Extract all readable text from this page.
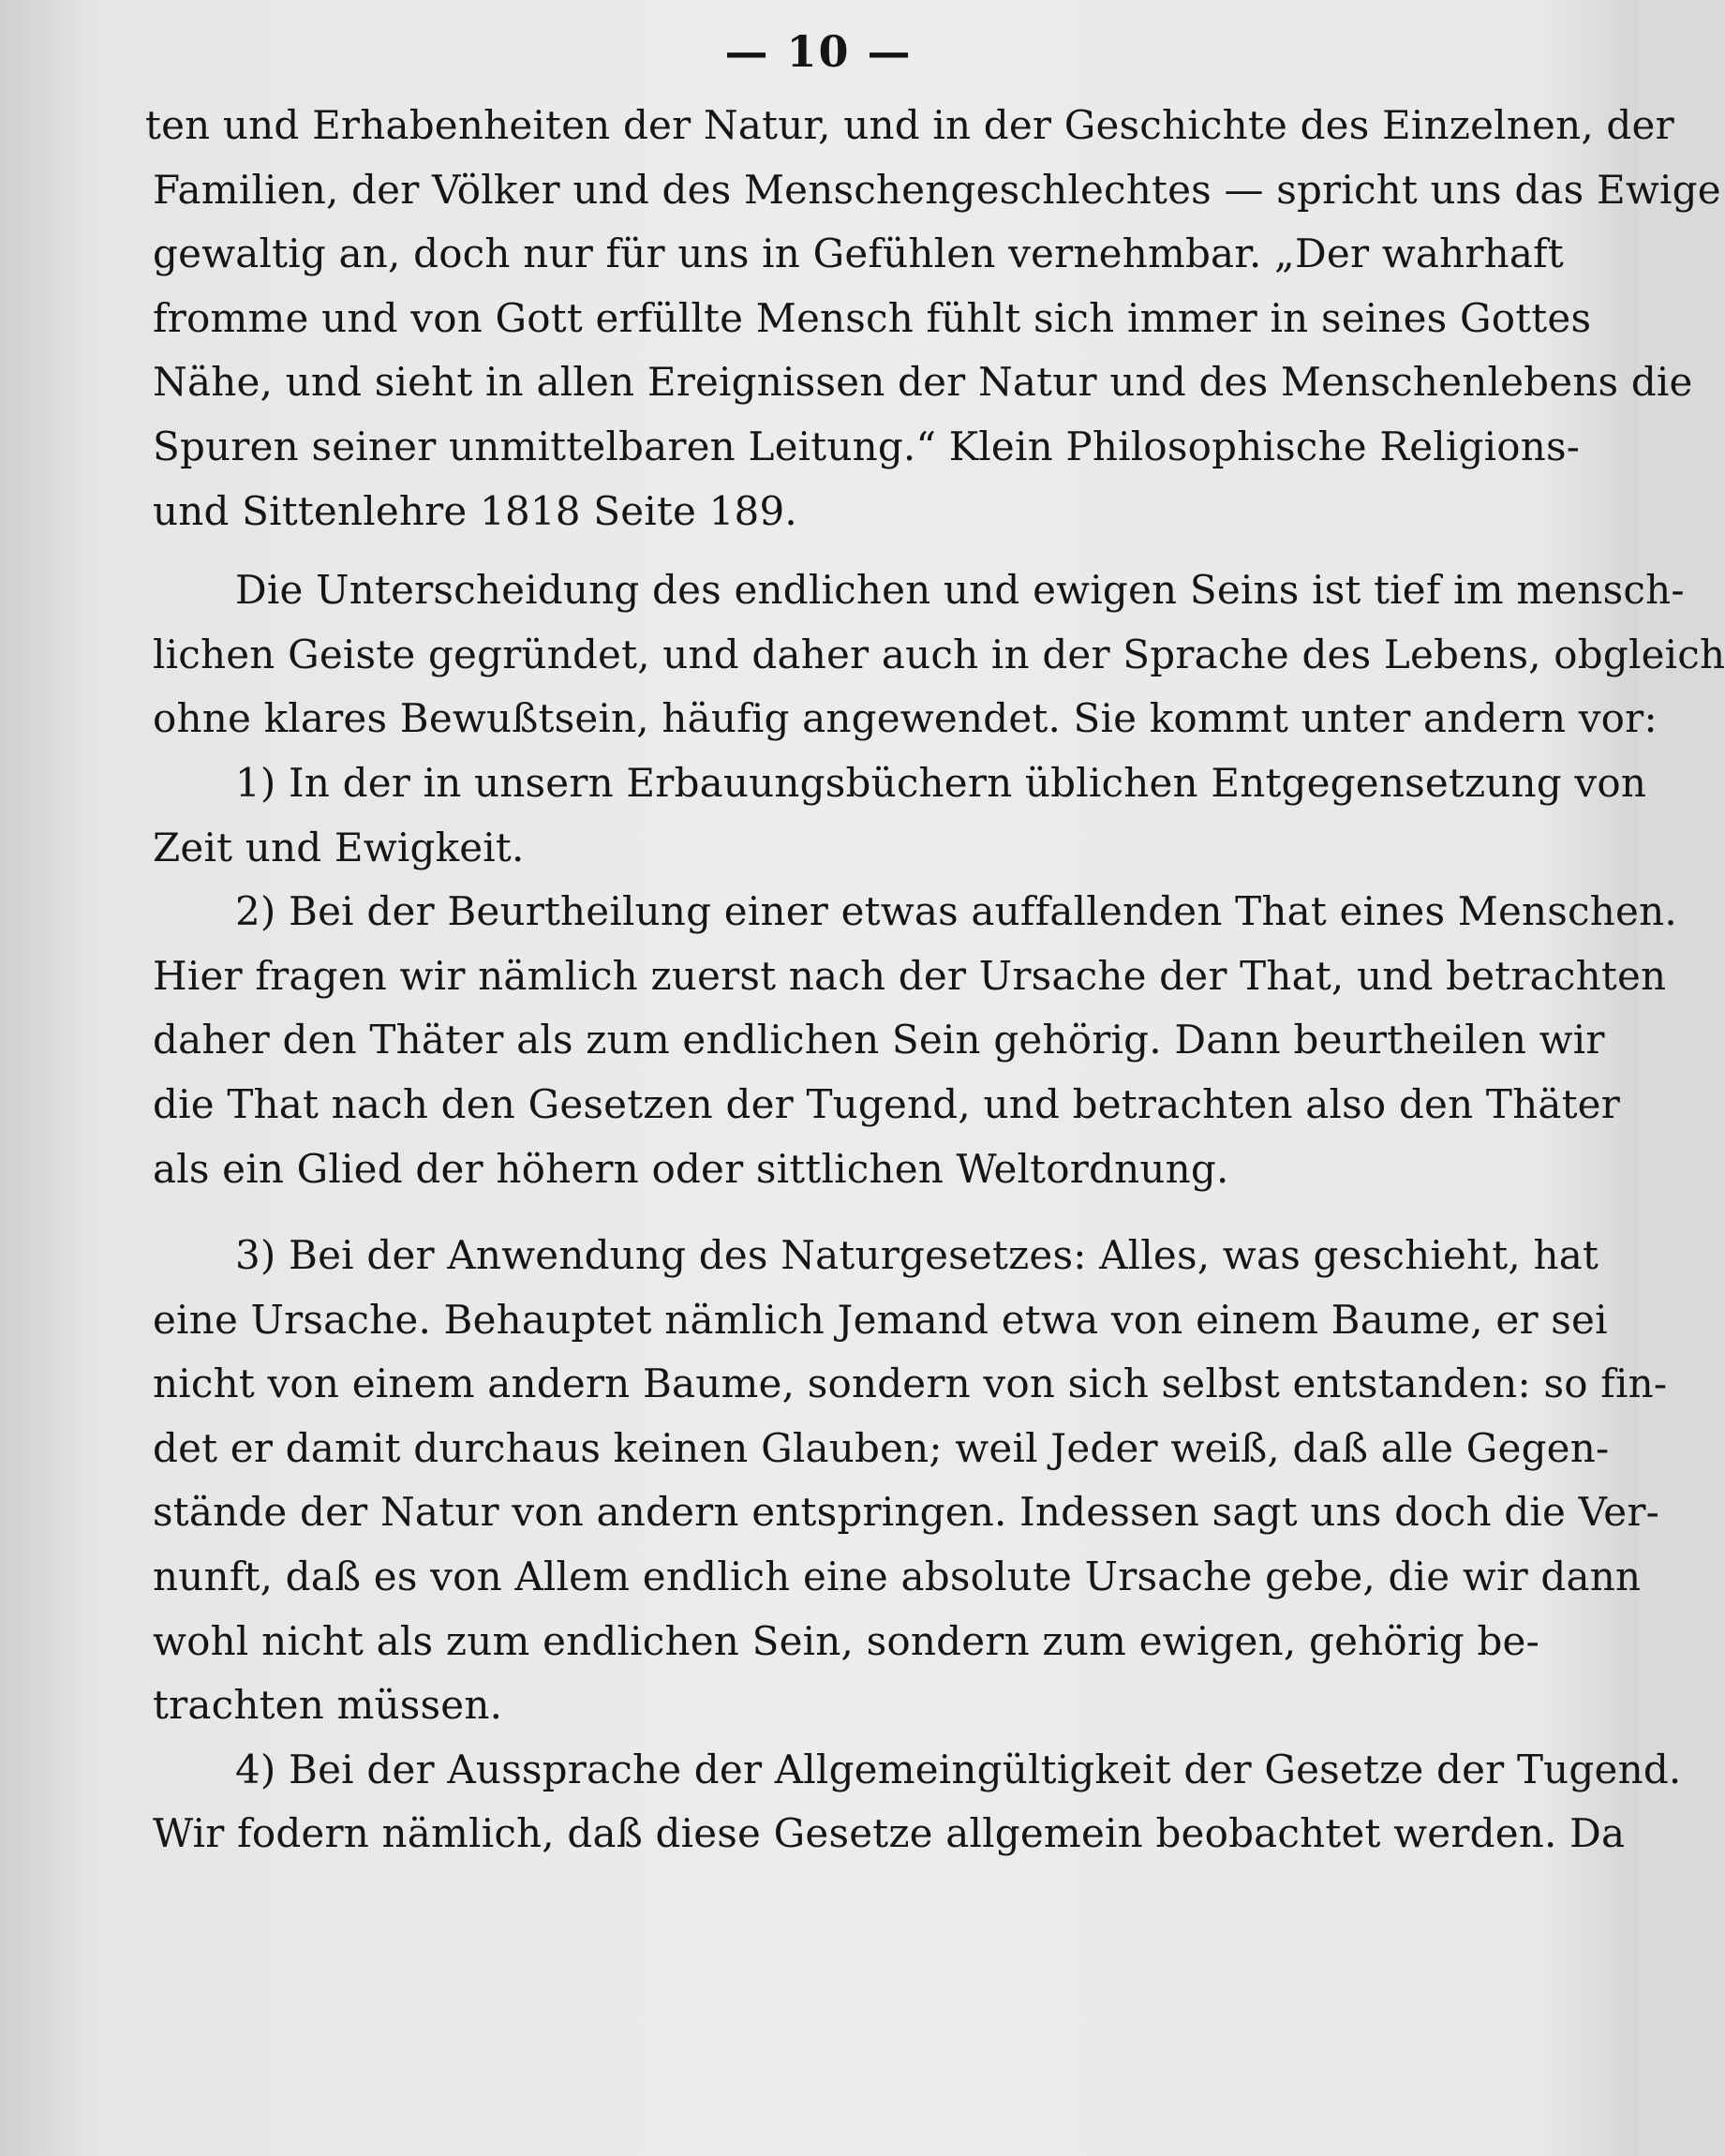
— 10 —
ten und Erhabenheiten der Natur, und in der Geschichte des Einzelnen, der
Familien, der Völker und des Menschengeschlechtes — spricht uns das Ewige
gewaltig an, doch nur für uns in Gefühlen vernehmbar. „Der wahrhaft
fromme und von Gott erfüllte Mensch fühlt sich immer in seines Gottes
Nähe, und sieht in allen Ereignissen der Natur und des Menschenlebens die
Spuren seiner unmittelbaren Leitung.“ Klein Philosophische Religions-
und Sittenlehre 1818 Seite 189.
Die Unterscheidung des endlichen und ewigen Seins ist tief im mensch-
lichen Geiste gegründet, und daher auch in der Sprache des Lebens, obgleich
ohne klares Bewußtsein, häufig angewendet. Sie kommt unter andern vor:
1) In der in unsern Erbauungsbüchern üblichen Entgegensetzung von
Zeit und Ewigkeit.
2) Bei der Beurtheilung einer etwas auffallenden That eines Menschen.
Hier fragen wir nämlich zuerst nach der Ursache der That, und betrachten
daher den Thäter als zum endlichen Sein gehörig. Dann beurtheilen wir
die That nach den Gesetzen der Tugend, und betrachten also den Thäter
als ein Glied der höhern oder sittlichen Weltordnung.
3) Bei der Anwendung des Naturgesetzes: Alles, was geschieht, hat
eine Ursache. Behauptet nämlich Jemand etwa von einem Baume, er sei
nicht von einem andern Baume, sondern von sich selbst entstanden: so fin-
det er damit durchaus keinen Glauben; weil Jeder weiß, daß alle Gegen-
stände der Natur von andern entspringen. Indessen sagt uns doch die Ver-
nunft, daß es von Allem endlich eine absolute Ursache gebe, die wir dann
wohl nicht als zum endlichen Sein, sondern zum ewigen, gehörig be-
trachten müssen.
4) Bei der Aussprache der Allgemeingültigkeit der Gesetze der Tugend.
Wir fodern nämlich, daß diese Gesetze allgemein beobachtet werden. Da
